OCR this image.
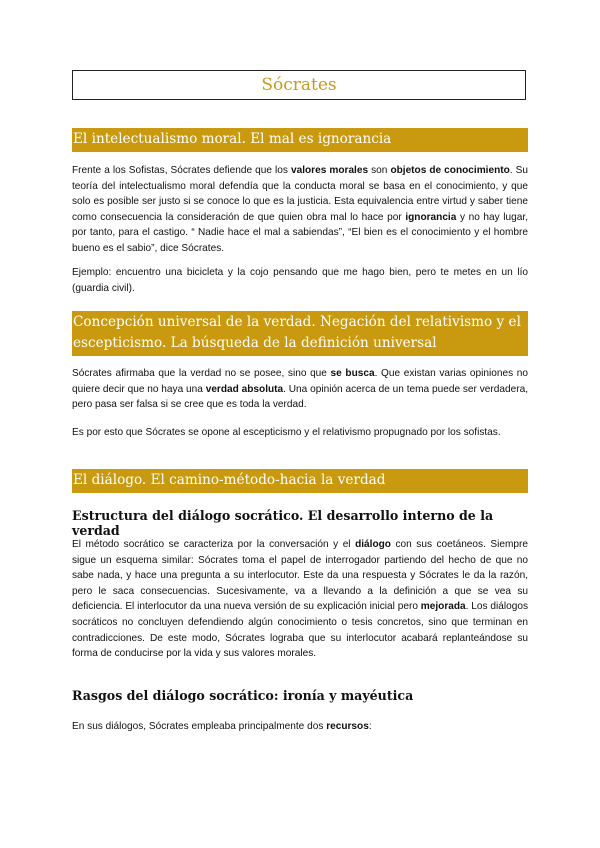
Sócrates
El intelectualismo moral. El mal es ignorancia
Frente a los Sofistas, Sócrates defiende que los valores morales son objetos de conocimiento. Su teoría del intelectualismo moral defendía que la conducta moral se basa en el conocimiento, y que solo es posible ser justo si se conoce lo que es la justicia. Esta equivalencia entre virtud y saber tiene como consecuencia la consideración de que quien obra mal lo hace por ignorancia y no hay lugar, por tanto, para el castigo. “ Nadie hace el mal a sabiendas”, “El bien es el conocimiento y el hombre bueno es el sabio”, dice Sócrates.
Ejemplo: encuentro una bicicleta y la cojo pensando que me hago bien, pero te metes en un lío (guardia civil).
Concepción universal de la verdad. Negación del relativismo y el escepticismo. La búsqueda de la definición universal
Sócrates afirmaba que la verdad no se posee, sino que se busca. Que existan varias opiniones no quiere decir que no haya una verdad absoluta. Una opinión acerca de un tema puede ser verdadera, pero pasa ser falsa si se cree que es toda la verdad.
Es por esto que Sócrates se opone al escepticismo y el relativismo propugnado por los sofistas.
El diálogo. El camino-método-hacia la verdad
Estructura del diálogo socrático. El desarrollo interno de la verdad
El método socrático se caracteriza por la conversación y el diálogo con sus coetáneos. Siempre sigue un esquema similar: Sócrates toma el papel de interrogador partiendo del hecho de que no sabe nada, y hace una pregunta a su interlocutor. Este da una respuesta y Sócrates le da la razón, pero le saca consecuencias. Sucesivamente, va a llevando a la definición a que se vea su deficiencia. El interlocutor da una nueva versión de su explicación inicial pero mejorada. Los diálogos socráticos no concluyen defendiendo algún conocimiento o tesis concretos, sino que terminan en contradicciones. De este modo, Sócrates lograba que su interlocutor acabará replanteándose su forma de conducirse por la vida y sus valores morales.
Rasgos del diálogo socrático: ironía y mayéutica
En sus diálogos, Sócrates empleaba principalmente dos recursos:
